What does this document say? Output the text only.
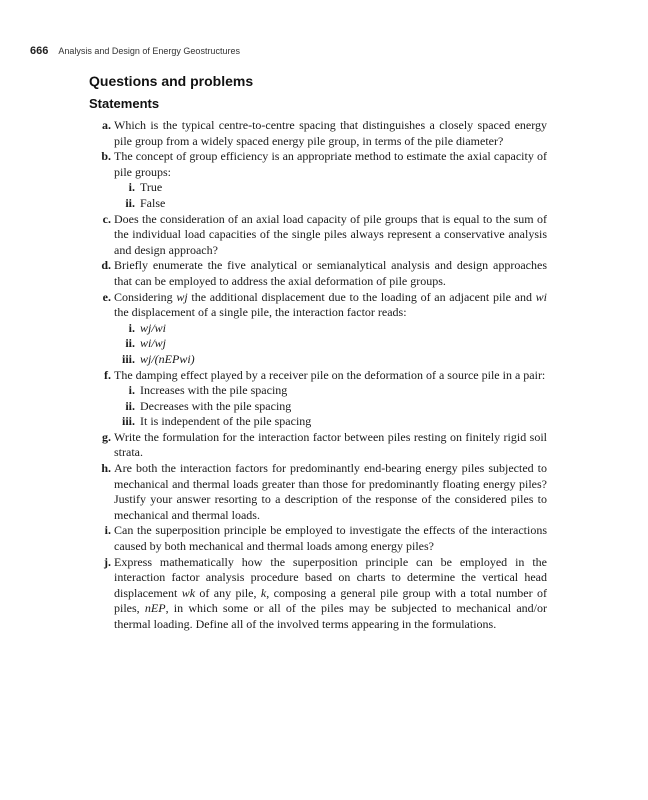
666 Analysis and Design of Energy Geostructures
Questions and problems
Statements
a. Which is the typical centre-to-centre spacing that distinguishes a closely spaced energy pile group from a widely spaced energy pile group, in terms of the pile diameter?
b. The concept of group efficiency is an appropriate method to estimate the axial capacity of pile groups:
i. True
ii. False
c. Does the consideration of an axial load capacity of pile groups that is equal to the sum of the individual load capacities of the single piles always represent a conservative analysis and design approach?
d. Briefly enumerate the five analytical or semianalytical analysis and design approaches that can be employed to address the axial deformation of pile groups.
e. Considering wj the additional displacement due to the loading of an adjacent pile and wi the displacement of a single pile, the interaction factor reads:
i. wj/wi
ii. wi/wj
iii. wj/(nEPwi)
f. The damping effect played by a receiver pile on the deformation of a source pile in a pair:
i. Increases with the pile spacing
ii. Decreases with the pile spacing
iii. It is independent of the pile spacing
g. Write the formulation for the interaction factor between piles resting on finitely rigid soil strata.
h. Are both the interaction factors for predominantly end-bearing energy piles subjected to mechanical and thermal loads greater than those for predominantly floating energy piles? Justify your answer resorting to a description of the response of the considered piles to mechanical and thermal loads.
i. Can the superposition principle be employed to investigate the effects of the interactions caused by both mechanical and thermal loads among energy piles?
j. Express mathematically how the superposition principle can be employed in the interaction factor analysis procedure based on charts to determine the vertical head displacement wk of any pile, k, composing a general pile group with a total number of piles, nEP, in which some or all of the piles may be subjected to mechanical and/or thermal loading. Define all of the involved terms appearing in the formulations.
